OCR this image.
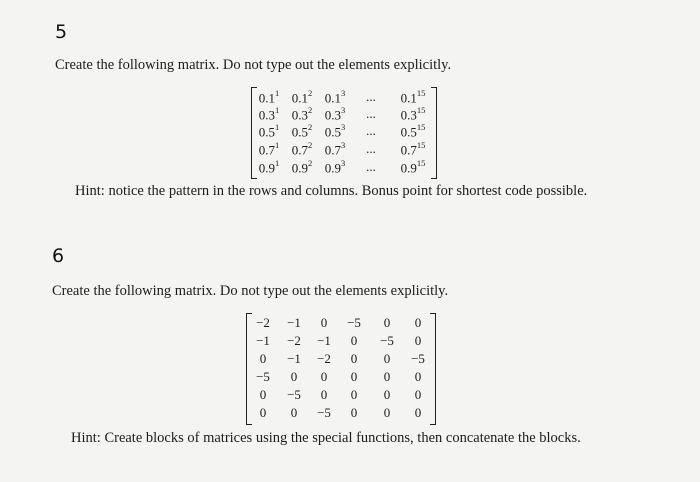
5
Create the following matrix. Do not type out the elements explicitly.
$0.1^1$ $0.1^2$ $0.1^3$ ... $0.1^{15}$
$0.3^1$ $0.3^2$ $0.3^3$ ... $0.3^{15}$
$0.5^1$ $0.5^2$ $0.5^3$ ... $0.5^{15}$
$0.7^1$ $0.7^2$ $0.7^3$ ... $0.7^{15}$
$0.9^1$ $0.9^2$ $0.9^3$ ... $0.9^{15}$
Hint: notice the pattern in the rows and columns. Bonus point for shortest code possible.
6
Create the following matrix. Do not type out the elements explicitly.
−2 −1 0 −5 0 0
−1 −2 −1 0 −5 0
0 −1 −2 0 0 −5
−5 0 0 0 0 0
0 −5 0 0 0 0
0 0 −5 0 0 0
Hint: Create blocks of matrices using the special functions, then concatenate the blocks.
